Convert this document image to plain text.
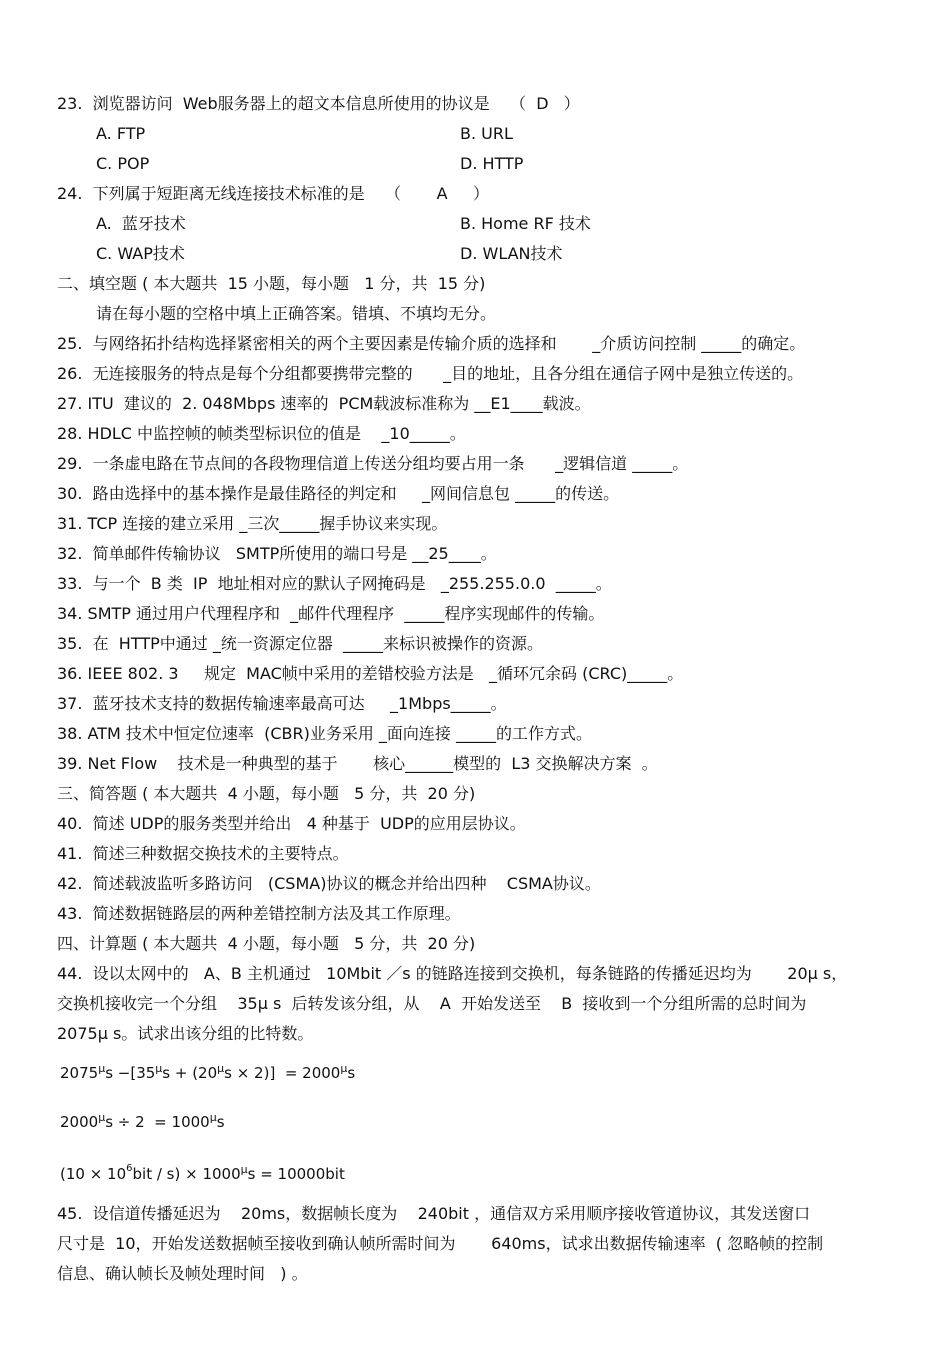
23.  浏览器访问  Web服务器上的超文本信息所使用的协议是    （  D   ）
A. FTP	B. URL
C. POP	D. HTTP
24.  下列属于短距离无线连接技术标准的是    （       A     ）
A.  蓝牙技术	B. Home RF 技术
C. WAP技术	D. WLAN技术
二、填空题 ( 本大题共  15 小题，每小题   1 分，共  15 分)
请在每小题的空格中填上正确答案。错填、不填均无分。
25.  与网络拓扑结构选择紧密相关的两个主要因素是传输介质的选择和       _介质访问控制 _____的确定。
26.  无连接服务的特点是每个分组都要携带完整的      _目的地址，且各分组在通信子网中是独立传送的。
27. ITU  建议的  2. 048Mbps 速率的  PCM载波标准称为 __E1____载波。
28. HDLC 中监控帧的帧类型标识位的值是    _10_____。
29.  一条虚电路在节点间的各段物理信道上传送分组均要占用一条      _逻辑信道 _____。
30.  路由选择中的基本操作是最佳路径的判定和     _网间信息包 _____的传送。
31. TCP 连接的建立采用 _三次_____握手协议来实现。
32.  简单邮件传输协议   SMTP所使用的端口号是 __25____。
33.  与一个  B 类  IP  地址相对应的默认子网掩码是   _255.255.0.0  _____。
34. SMTP 通过用户代理程序和  _邮件代理程序  _____程序实现邮件的传输。
35.  在  HTTP中通过 _统一资源定位器  _____来标识被操作的资源。
36. IEEE 802. 3     规定  MAC帧中采用的差错校验方法是   _循环冗余码 (CRC)_____。
37.  蓝牙技术支持的数据传输速率最高可达     _1Mbps_____。
38. ATM 技术中恒定位速率  (CBR)业务采用 _面向连接 _____的工作方式。
39. Net Flow    技术是一种典型的基于       核心______模型的  L3 交换解决方案  。
三、简答题 ( 本大题共  4 小题，每小题   5 分，共  20 分)
40.  简述 UDP的服务类型并给出   4 种基于  UDP的应用层协议。
41.  简述三种数据交换技术的主要特点。
42.  简述载波监听多路访问   (CSMA)协议的概念并给出四种    CSMA协议。
43.  简述数据链路层的两种差错控制方法及其工作原理。
四、计算题 ( 本大题共  4 小题，每小题   5 分，共  20 分)
44.  设以太网中的   A、B 主机通过   10Mbit ／s 的链路连接到交换机，每条链路的传播延迟均为       20μ s，
交换机接收完一个分组    35μ s  后转发该分组，从    A  开始发送至    B  接收到一个分组所需的总时间为
2075μ s。试求出该分组的比特数。
$2075^\mu s -[35^\mu s + (20^\mu s \times 2)] = 2000^\mu s$
$2000^\mu s \div 2 = 1000^\mu s$
$(10 \times 10^6bit / s) \times 1000^\mu s = 10000bit$
45.  设信道传播延迟为    20ms，数据帧长度为    240bit ，通信双方采用顺序接收管道协议，其发送窗口
尺寸是  10，开始发送数据帧至接收到确认帧所需时间为       640ms，试求出数据传输速率  ( 忽略帧的控制
信息、确认帧长及帧处理时间   ) 。
